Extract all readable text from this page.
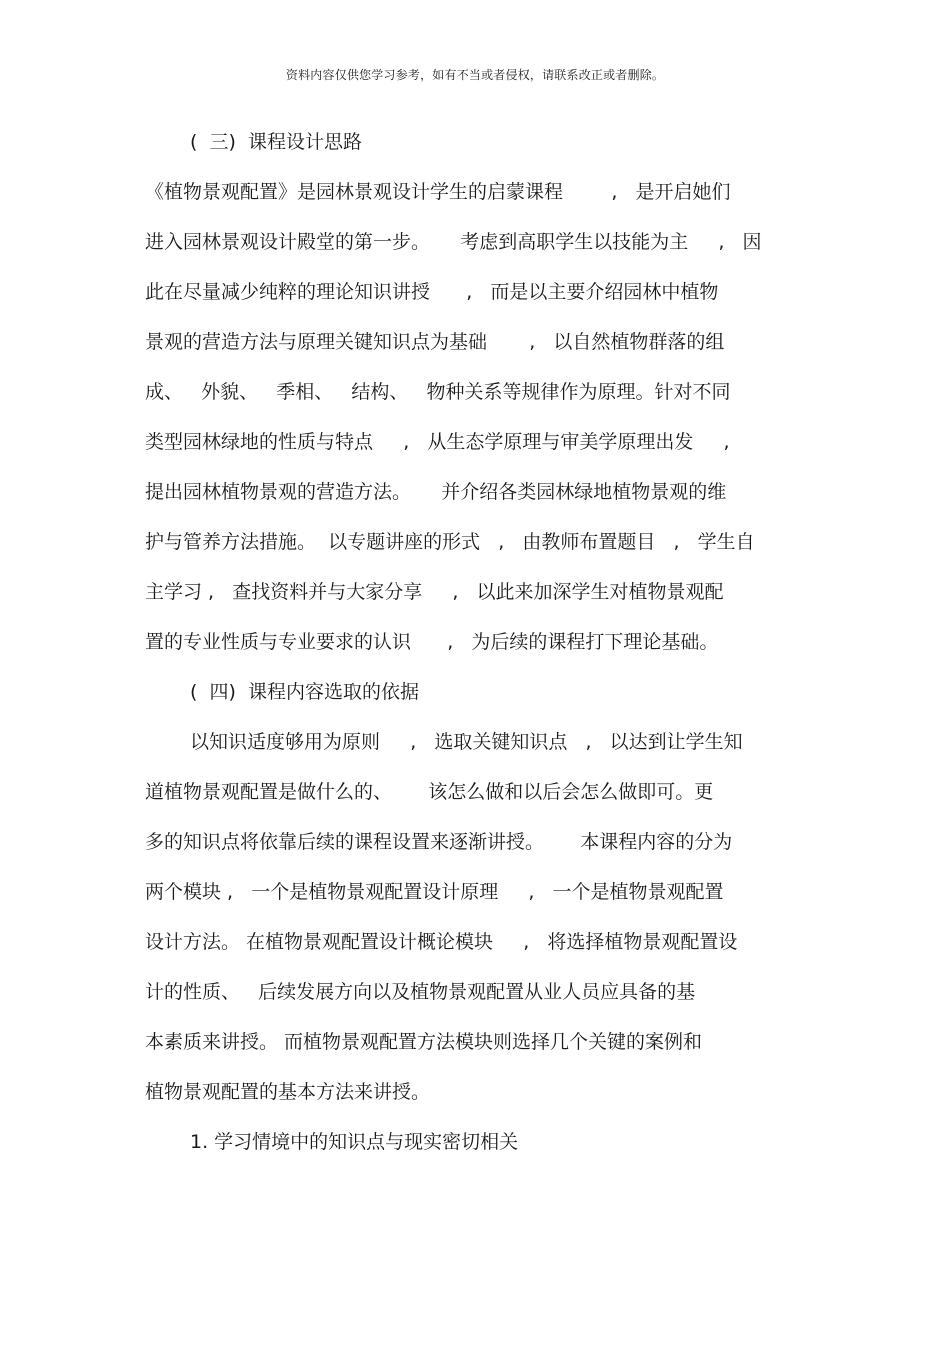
资料内容仅供您学习参考，如有不当或者侵权，请联系改正或者删除。
(  三)  课程设计思路
《植物景观配置》是园林景观设计学生的启蒙课程        ,   是开启她们
进入园林景观设计殿堂的第一步。     考虑到高职学生以技能为主     ,   因
此在尽量减少纯粹的理论知识讲授      ,   而是以主要介绍园林中植物
景观的营造方法与原理关键知识点为基础       ,   以自然植物群落的组
成、   外貌、   季相、   结构、   物种关系等规律作为原理。针对不同
类型园林绿地的性质与特点     ,   从生态学原理与审美学原理出发     ,
提出园林植物景观的营造方法。     并介绍各类园林绿地植物景观的维
护与管养方法措施。  以专题讲座的形式   ,   由教师布置题目   ,   学生自
主学习 ,   查找资料并与大家分享     ,   以此来加深学生对植物景观配
置的专业性质与专业要求的认识      ,   为后续的课程打下理论基础。
(  四)  课程内容选取的依据
以知识适度够用为原则     ,   选取关键知识点   ,   以达到让学生知
道植物景观配置是做什么的、      该怎么做和以后会怎么做即可。更
多的知识点将依靠后续的课程设置来逐渐讲授。      本课程内容的分为
两个模块 ,   一个是植物景观配置设计原理     ,   一个是植物景观配置
设计方法。 在植物景观配置设计概论模块     ,   将选择植物景观配置设
计的性质、   后续发展方向以及植物景观配置从业人员应具备的基
本素质来讲授。 而植物景观配置方法模块则选择几个关键的案例和
植物景观配置的基本方法来讲授。
1. 学习情境中的知识点与现实密切相关
